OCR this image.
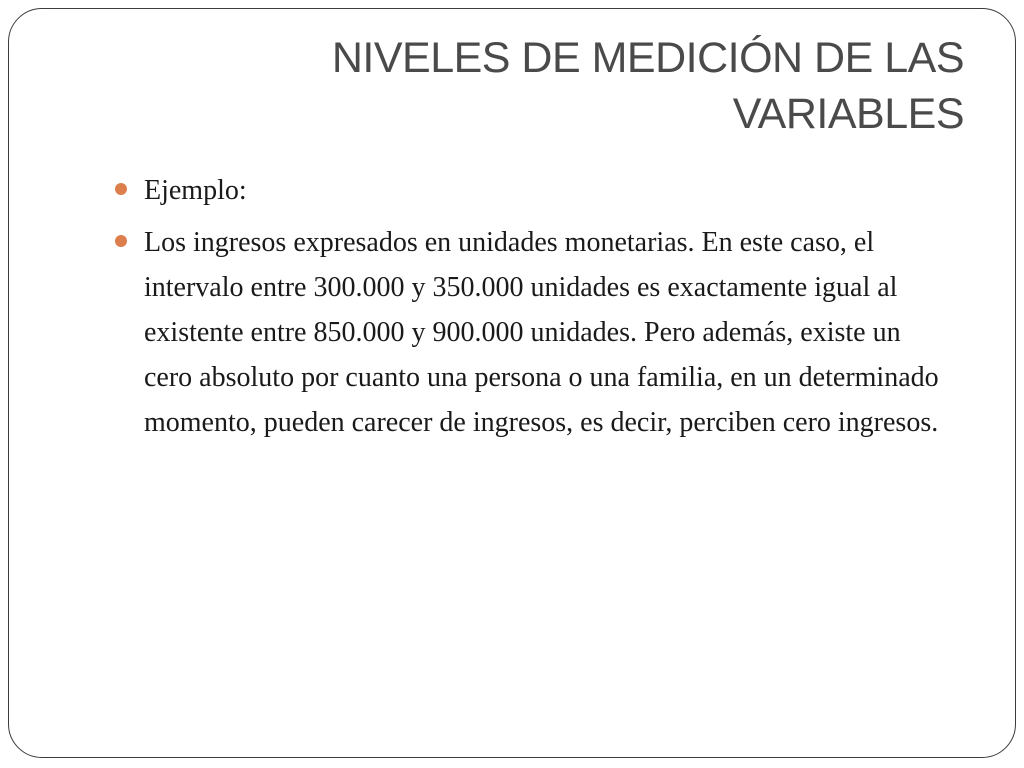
NIVELES DE MEDICIÓN DE LAS
VARIABLES
Ejemplo:
Los ingresos expresados en unidades monetarias. En este caso, el intervalo entre 300.000 y 350.000 unidades es exactamente igual al existente entre 850.000 y 900.000 unidades. Pero además, existe un cero absoluto por cuanto una persona o una familia, en un determinado momento, pueden carecer de ingresos, es decir, perciben cero ingresos.
